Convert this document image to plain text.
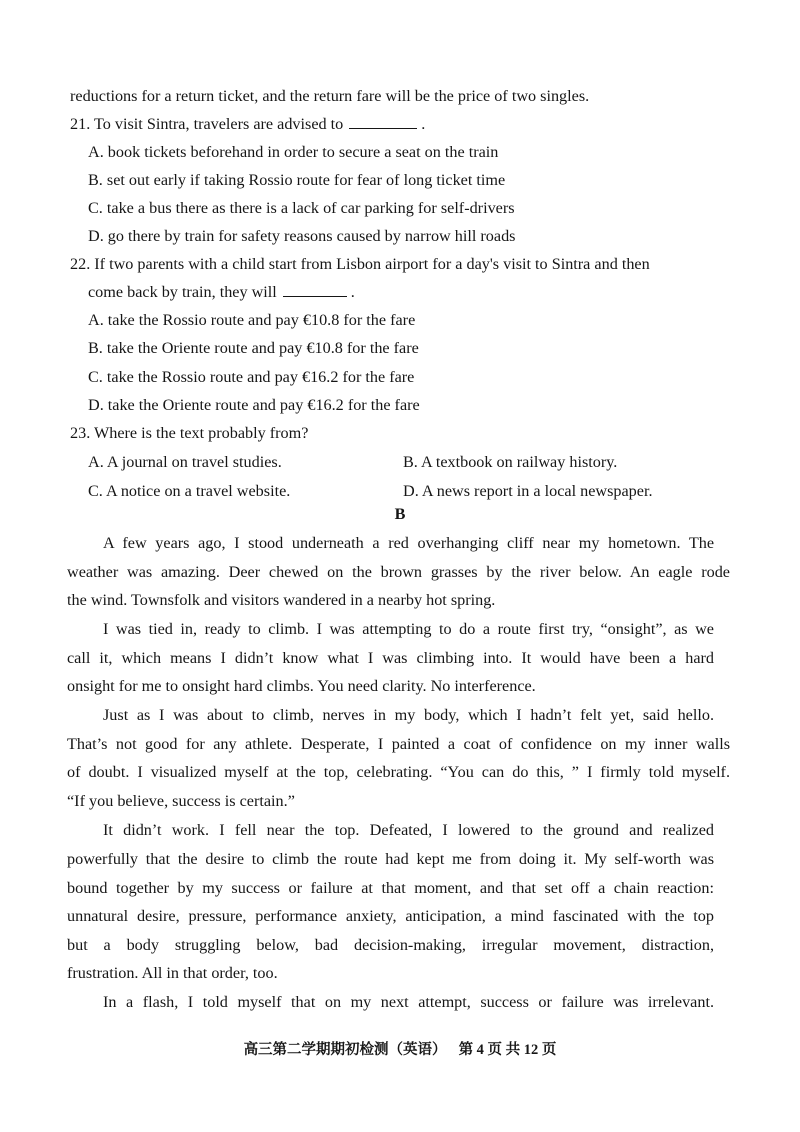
reductions for a return ticket, and the return fare will be the price of two singles.
21. To visit Sintra, travelers are advised to	.
A. book tickets beforehand in order to secure a seat on the train
B. set out early if taking Rossio route for fear of long ticket time
C. take a bus there as there is a lack of car parking for self-drivers
D. go there by train for safety reasons caused by narrow hill roads
22. If two parents with a child start from Lisbon airport for a day's visit to Sintra and then
come back by train, they will	.
A. take the Rossio route and pay €10.8 for the fare
B. take the Oriente route and pay €10.8 for the fare
C. take the Rossio route and pay €16.2 for the fare
D. take the Oriente route and pay €16.2 for the fare
23. Where is the text probably from?
A. A journal on travel studies.	B. A textbook on railway history.
C. A notice on a travel website.	D. A news report in a local newspaper.
B
A few years ago, I stood underneath a red overhanging cliff near my hometown. The
weather was amazing. Deer chewed on the brown grasses by the river below. An eagle rode
the wind. Townsfolk and visitors wandered in a nearby hot spring.
I was tied in, ready to climb. I was attempting to do a route first try, “onsight”, as we
call it, which means I didn’t know what I was climbing into. It would have been a hard
onsight for me to onsight hard climbs. You need clarity. No interference.
Just as I was about to climb, nerves in my body, which I hadn’t felt yet, said hello.
That’s not good for any athlete. Desperate, I painted a coat of confidence on my inner walls
of doubt. I visualized myself at the top, celebrating. “You can do this, ” I firmly told myself.
“If you believe, success is certain.”
It didn’t work. I fell near the top. Defeated, I lowered to the ground and realized
powerfully that the desire to climb the route had kept me from doing it. My self-worth was
bound together by my success or failure at that moment, and that set off a chain reaction:
unnatural desire, pressure, performance anxiety, anticipation, a mind fascinated with the top
but a body struggling below, bad decision-making, irregular movement, distraction,
frustration. All in that order, too.
In a flash, I told myself that on my next attempt, success or failure was irrelevant.
高三第二学期期初检测（英语） 第 4 页 共 12 页
